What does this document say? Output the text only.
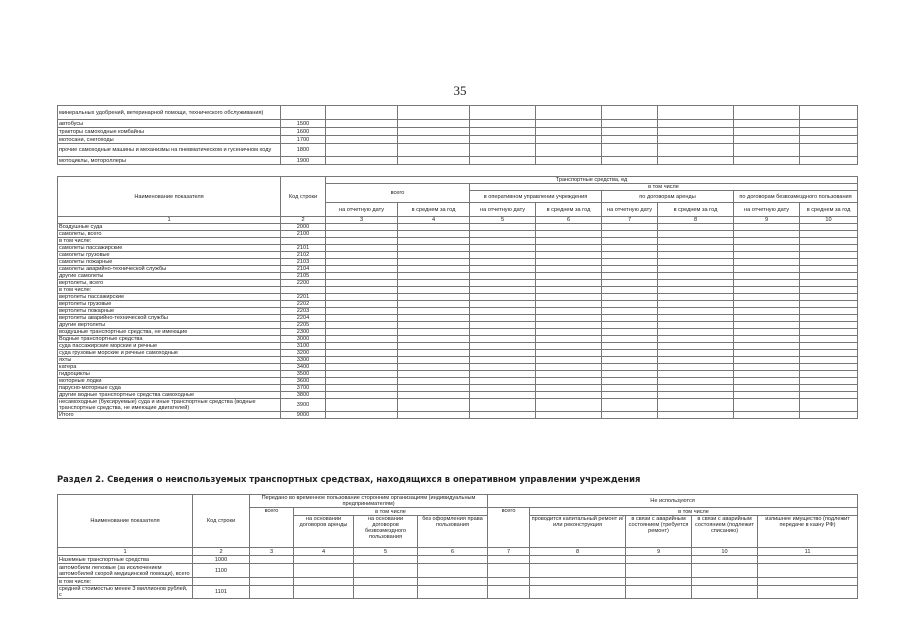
35
минеральных удобрений, ветеринарной помощи, технического обслуживания)									
автобусы	1500								
тракторы самоходные комбайны	1600								
мотосани, снегоходы	1700								
прочие самоходные машины и механизмы на пневматическом и гусеничном ходу	1800								
мотоциклы, мотороллеры	1900								
Наименование показателя	Код строки	Транспортные средства, ед							
		всего		в том числе					
				в оперативном управлении учреждения		по договорам аренды		по договорам безвозмездного пользования	
		на отчетную дату	в среднем за год	на отчетную дату	в среднем за год	на отчетную дату	в среднем за год	на отчетную дату	в среднем за год
1	2	3	4	5	6	7	8	9	10
Воздушные суда	2000								
самолеты, всего	2100								
в том числе:									
самолеты пассажирские	2101								
самолеты грузовые	2102								
самолеты пожарные	2103								
самолеты аварийно-технической службы	2104								
другие самолеты	2105								
вертолеты, всего	2200								
в том числе:									
вертолеты пассажирские	2201								
вертолеты грузовые	2202								
вертолеты пожарные	2203								
вертолеты аварийно-технической службы	2204								
другие вертолеты	2205								
воздушные транспортные средства, не имеющие	2300								
Водные транспортные средства	3000								
суда пассажирские морские и речные	3100								
суда грузовые морские и речные самоходные	3200								
яхты	3300								
катера	3400								
гидроциклы	3500								
моторные лодки	3600								
парусно-моторные суда	3700								
другие водные транспортные средства самоходные	3800								
несамоходные (буксируемые) суда и иные транспортные средства (водные транспортные средства, не имеющие двигателей)	3900								
Итого	9000								
Раздел 2. Сведения о неиспользуемых транспортных средствах, находящихся в оперативном управлении учреждения
Наименование показателя	Код строки	Передано во временное пользование сторонним организациям (индивидуальным предпринимателям)				Не используются				
		всего	в том числе			всего	в том числе			
			на основании договоров аренды	на основании договоров безвозмездного пользования	без оформления права пользования		проводится капитальный ремонт и/или реконструкция	в связи с аварийным состоянием (требуется ремонт)	в связи с аварийным состоянием (подлежит списанию)	излишнее имущество (подлежит передаче в казну РФ)
1	2	3	4	5	6	7	8	9	10	11
Наземные транспортные средства	1000									
автомобили легковые (за исключением автомобилей скорой медицинской помощи), всего	1100									
в том числе:										
средней стоимостью менее 3 миллионов рублей, с	1101									
